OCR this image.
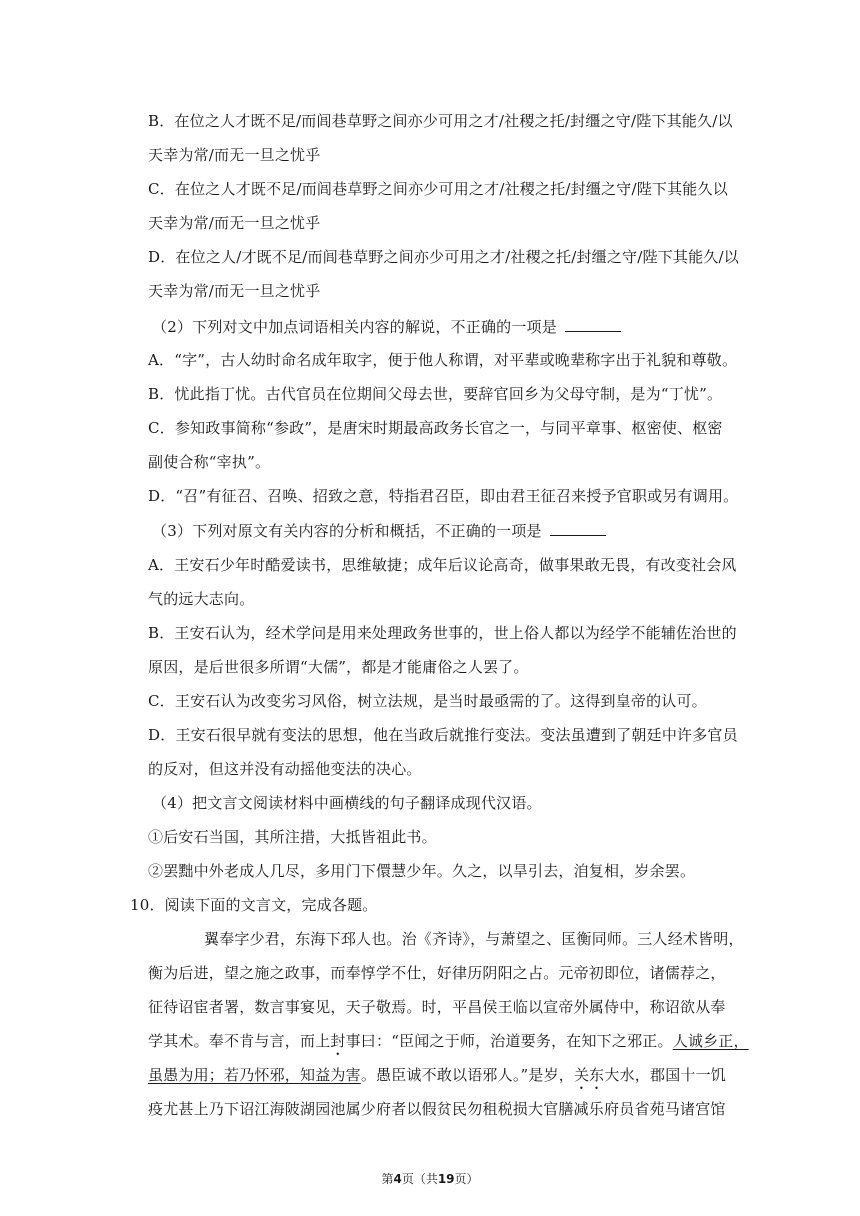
B．在位之人才既不足/而闾巷草野之间亦少可用之才/社稷之托/封缰之守/陛下其能久/以
天幸为常/而无一旦之忧乎
C．在位之人才既不足/而闾巷草野之间亦少可用之才/社稷之托/封缰之守/陛下其能久以
天幸为常/而无一旦之忧乎
D．在位之人/才既不足/而闾巷草野之间亦少可用之才/社稷之托/封缰之守/陛下其能久/以
天幸为常/而无一旦之忧乎
（2）下列对文中加点词语相关内容的解说，不正确的一项是
A．“字”，古人幼时命名成年取字，便于他人称谓，对平辈或晚辈称字出于礼貌和尊敬。
B．忧此指丁忧。古代官员在位期间父母去世，要辞官回乡为父母守制，是为“丁忧”。
C．参知政事简称“参政”，是唐宋时期最高政务长官之一，与同平章事、枢密使、枢密
副使合称“宰执”。
D．“召”有征召、召唤、招致之意，特指君召臣，即由君王征召来授予官职或另有调用。
（3）下列对原文有关内容的分析和概括，不正确的一项是
A．王安石少年时酷爱读书，思维敏捷；成年后议论高奇，做事果敢无畏，有改变社会风
气的远大志向。
B．王安石认为，经术学问是用来处理政务世事的，世上俗人都以为经学不能辅佐治世的
原因，是后世很多所谓“大儒”，都是才能庸俗之人罢了。
C．王安石认为改变劣习风俗，树立法规，是当时最亟需的了。这得到皇帝的认可。
D．王安石很早就有变法的思想，他在当政后就推行变法。变法虽遭到了朝廷中许多官员
的反对，但这并没有动摇他变法的决心。
（4）把文言文阅读材料中画横线的句子翻译成现代汉语。
①后安石当国，其所注措，大抵皆祖此书。
②罢黜中外老成人几尽，多用门下儇慧少年。久之，以旱引去，洎复相，岁余罢。
10．阅读下面的文言文，完成各题。
翼奉字少君，东海下邳人也。治《齐诗》，与萧望之、匡衡同师。三人经术皆明，
衡为后进，望之施之政事，而奉惇学不仕，好律历阴阳之占。元帝初即位，诸儒荐之，
征待诏宦者署，数言事宴见，天子敬焉。时，平昌侯王临以宣帝外属侍中，称诏欲从奉
学其术。奉不肯与言，而上封事曰：“臣闻之于师，治道要务，在知下之邪正。人诚乡正，
虽愚为用；若乃怀邪，知益为害。愚臣诚不敢以语邪人。”是岁，关东大水，郡国十一饥
疫尤甚上乃下诏江海陂湖园池属少府者以假贫民勿租税损大官膳减乐府员省苑马诸宫馆
第4页（共19页）
